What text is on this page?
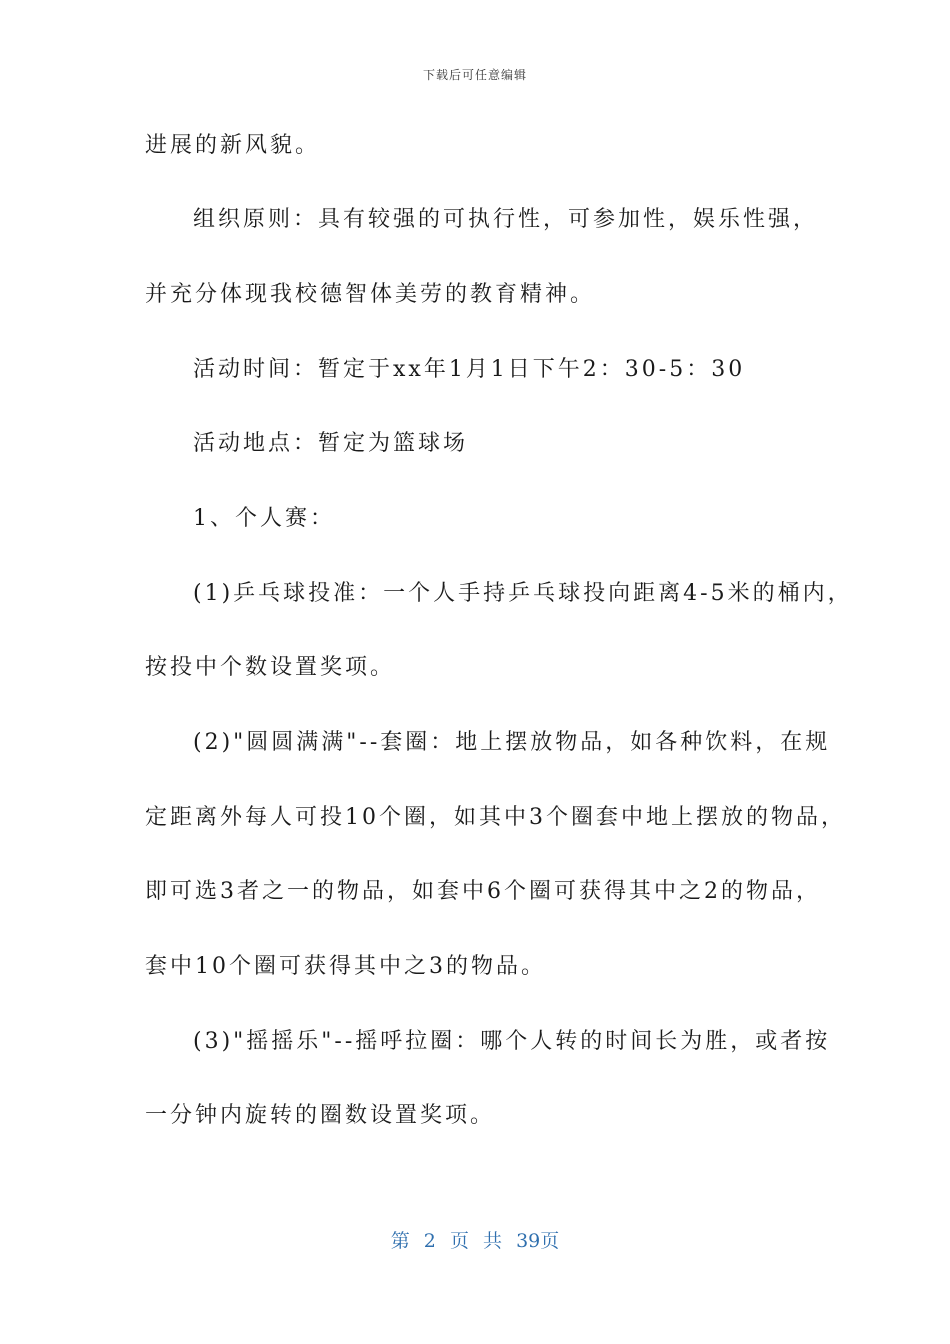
下载后可任意编辑
进展的新风貌。
组织原则：具有较强的可执行性，可参加性，娱乐性强，
并充分体现我校德智体美劳的教育精神。
活动时间：暂定于xx年1月1日下午2：30-5：30
活动地点：暂定为篮球场
1、个人赛：
(1)乒乓球投准：一个人手持乒乓球投向距离4-5米的桶内，
按投中个数设置奖项。
(2)"圆圆满满"--套圈：地上摆放物品，如各种饮料，在规
定距离外每人可投10个圈，如其中3个圈套中地上摆放的物品，
即可选3者之一的物品，如套中6个圈可获得其中之2的物品，
套中10个圈可获得其中之3的物品。
(3)"摇摇乐"--摇呼拉圈：哪个人转的时间长为胜，或者按
一分钟内旋转的圈数设置奖项。
第 2 页 共 39页
